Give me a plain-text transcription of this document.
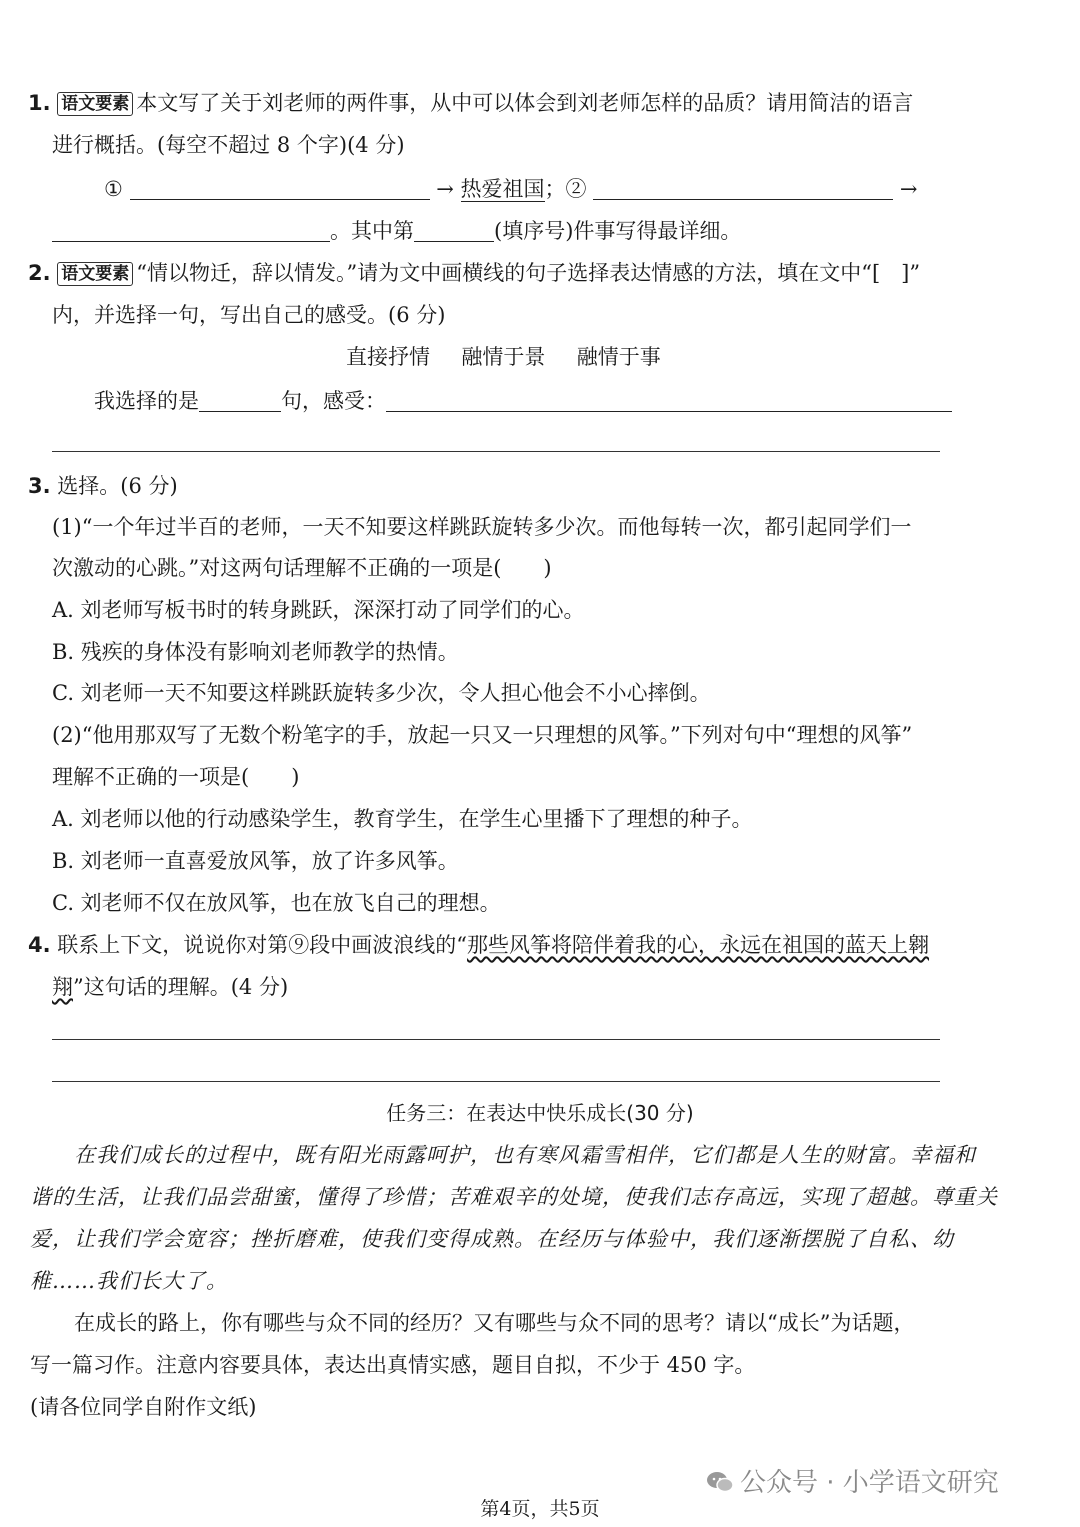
1. 语文要素 本文写了关于刘老师的两件事，从中可以体会到刘老师怎样的品质？请用简洁的语言
进行概括。(每空不超过 8 个字)(4 分)
①	→ 热爱祖国；②	→
。其中第	(填序号)件事写得最详细。
2. 语文要素 “情以物迁，辞以情发。”请为文中画横线的句子选择表达情感的方法，填在文中“[　]”
内，并选择一句，写出自己的感受。(6 分)
直接抒情 融情于景 融情于事
我选择的是	句，感受：
3. 选择。(6 分)
(1)“一个年过半百的老师，一天不知要这样跳跃旋转多少次。而他每转一次，都引起同学们一
次激动的心跳。”对这两句话理解不正确的一项是(　　)
A. 刘老师写板书时的转身跳跃，深深打动了同学们的心。
B. 残疾的身体没有影响刘老师教学的热情。
C. 刘老师一天不知要这样跳跃旋转多少次，令人担心他会不小心摔倒。
(2)“他用那双写了无数个粉笔字的手，放起一只又一只理想的风筝。”下列对句中“理想的风筝”
理解不正确的一项是(　　)
A. 刘老师以他的行动感染学生，教育学生，在学生心里播下了理想的种子。
B. 刘老师一直喜爱放风筝，放了许多风筝。
C. 刘老师不仅在放风筝，也在放飞自己的理想。
4. 联系上下文，说说你对第⑨段中画波浪线的“那些风筝将陪伴着我的心，永远在祖国的蓝天上翱
翔”这句话的理解。(4 分)
任务三：在表达中快乐成长(30 分)
在我们成长的过程中，既有阳光雨露呵护，也有寒风霜雪相伴，它们都是人生的财富。幸福和
谐的生活，让我们品尝甜蜜，懂得了珍惜；苦难艰辛的处境，使我们志存高远，实现了超越。尊重关
爱，让我们学会宽容；挫折磨难，使我们变得成熟。在经历与体验中，我们逐渐摆脱了自私、幼
稚……我们长大了。
在成长的路上，你有哪些与众不同的经历？又有哪些与众不同的思考？请以“成长”为话题，
写一篇习作。注意内容要具体，表达出真情实感，题目自拟，不少于 450 字。
(请各位同学自附作文纸)
公众号 · 小学语文研究
第4页，共5页
